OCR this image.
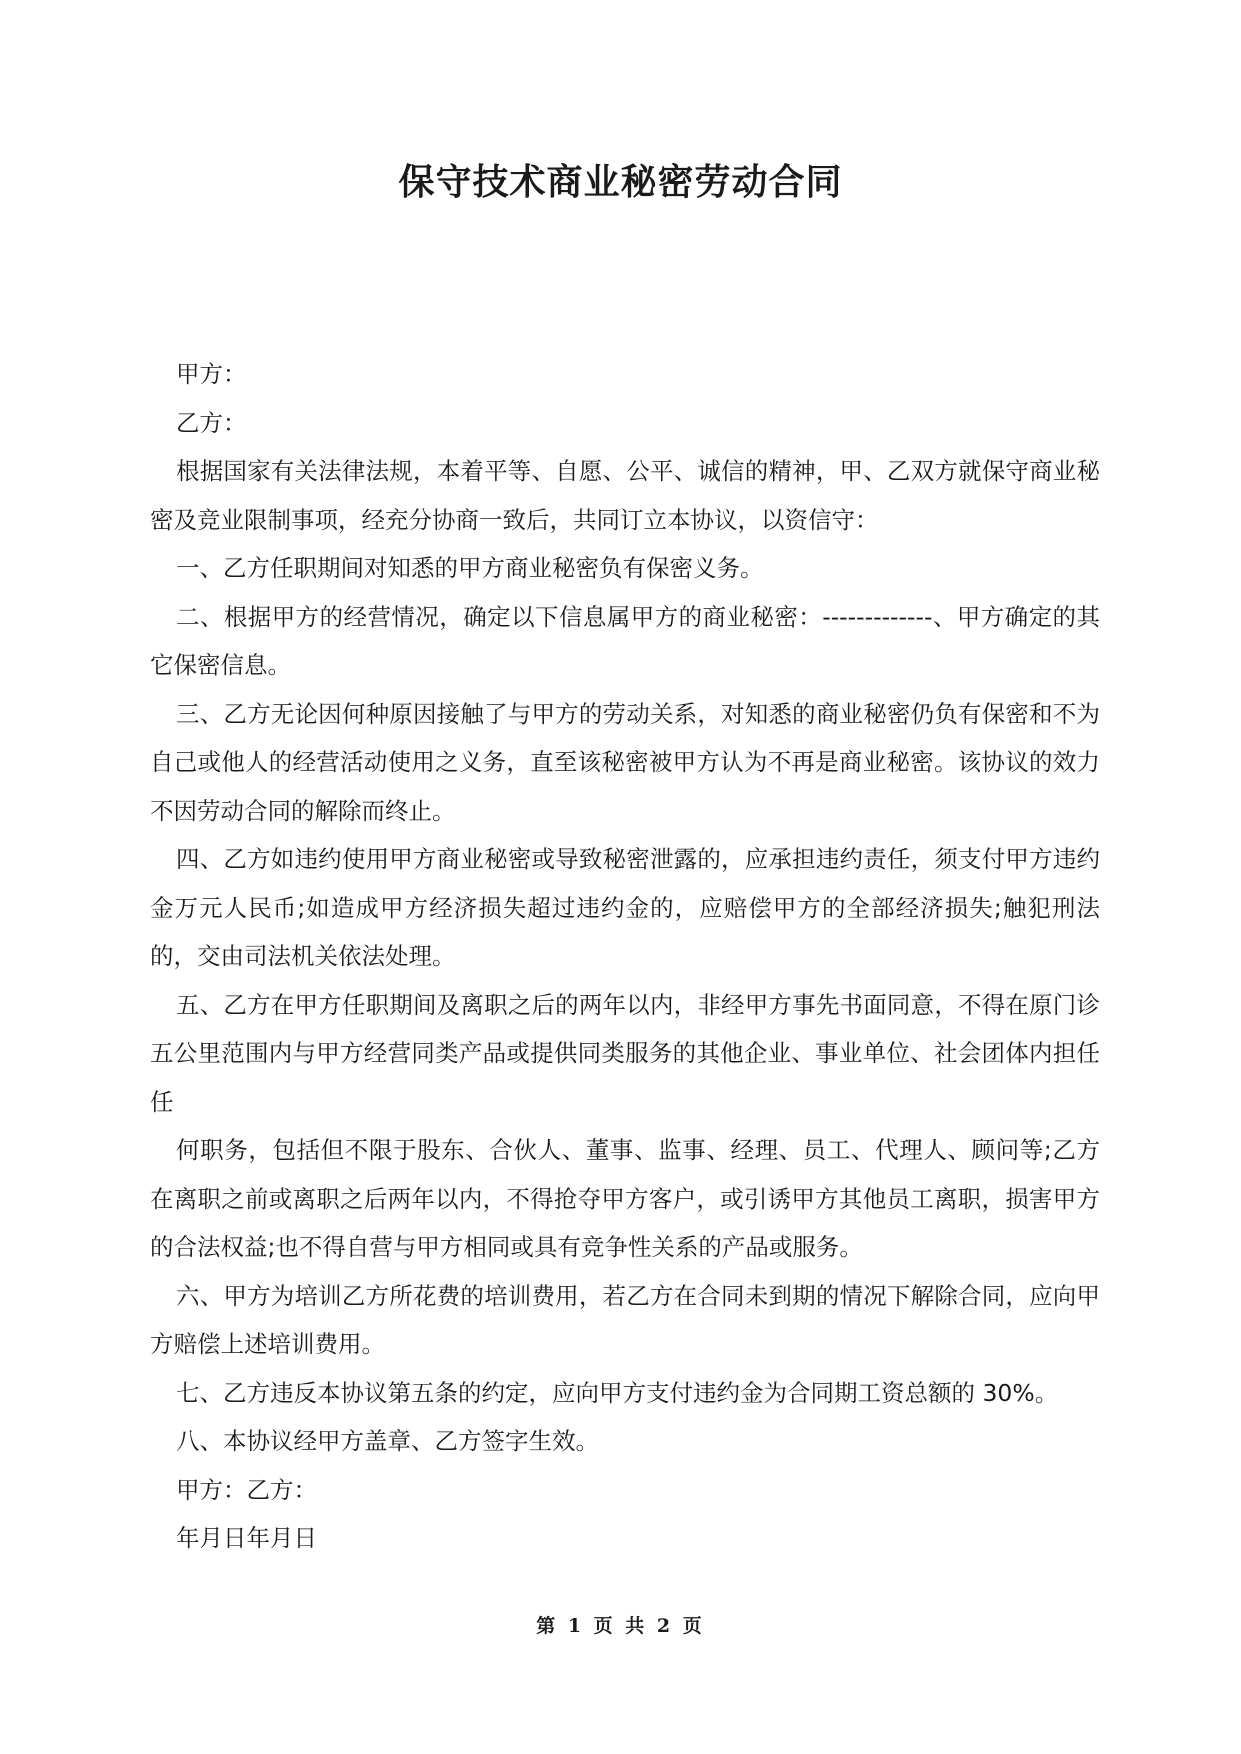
保守技术商业秘密劳动合同

甲方：

乙方：

根据国家有关法律法规，本着平等、自愿、公平、诚信的精神，甲、乙双方就保守商业秘密及竞业限制事项，经充分协商一致后，共同订立本协议，以资信守：

一、乙方任职期间对知悉的甲方商业秘密负有保密义务。

二、根据甲方的经营情况，确定以下信息属甲方的商业秘密：-------------、甲方确定的其它保密信息。

三、乙方无论因何种原因接触了与甲方的劳动关系，对知悉的商业秘密仍负有保密和不为自己或他人的经营活动使用之义务，直至该秘密被甲方认为不再是商业秘密。该协议的效力不因劳动合同的解除而终止。

四、乙方如违约使用甲方商业秘密或导致秘密泄露的，应承担违约责任，须支付甲方违约金万元人民币;如造成甲方经济损失超过违约金的，应赔偿甲方的全部经济损失;触犯刑法的，交由司法机关依法处理。

五、乙方在甲方任职期间及离职之后的两年以内，非经甲方事先书面同意，不得在原门诊五公里范围内与甲方经营同类产品或提供同类服务的其他企业、事业单位、社会团体内担任任

何职务，包括但不限于股东、合伙人、董事、监事、经理、员工、代理人、顾问等;乙方在离职之前或离职之后两年以内，不得抢夺甲方客户，或引诱甲方其他员工离职，损害甲方的合法权益;也不得自营与甲方相同或具有竞争性关系的产品或服务。

六、甲方为培训乙方所花费的培训费用，若乙方在合同未到期的情况下解除合同，应向甲方赔偿上述培训费用。

七、乙方违反本协议第五条的约定，应向甲方支付违约金为合同期工资总额的 30%。

八、本协议经甲方盖章、乙方签字生效。

甲方：乙方：

年月日年月日

第 1 页 共 2 页
